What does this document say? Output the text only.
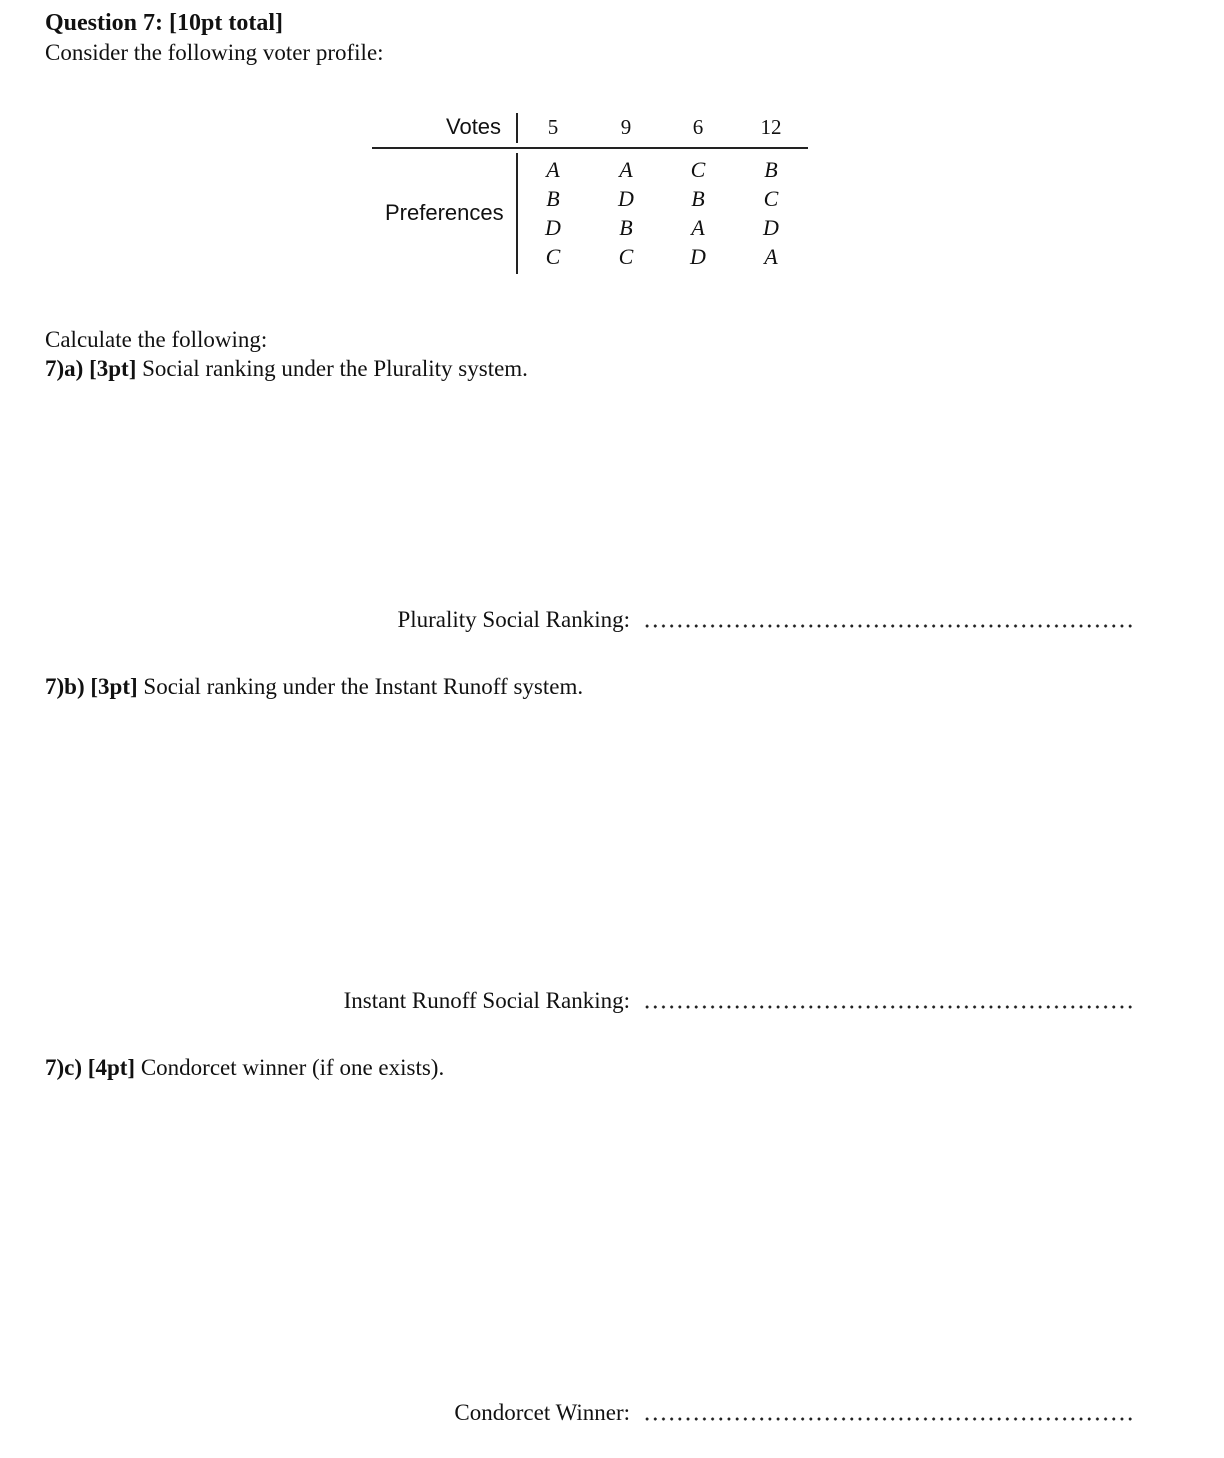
Question 7: [10pt total]
Consider the following voter profile:
Votes
Preferences
5
A
B
D
C
9
A
D
B
C
6
C
B
A
D
12
B
C
D
A
Calculate the following:
7)a) [3pt] Social ranking under the Plurality system.
Plurality Social Ranking:
7)b) [3pt] Social ranking under the Instant Runoff system.
Instant Runoff Social Ranking:
7)c) [4pt] Condorcet winner (if one exists).
Condorcet Winner:
